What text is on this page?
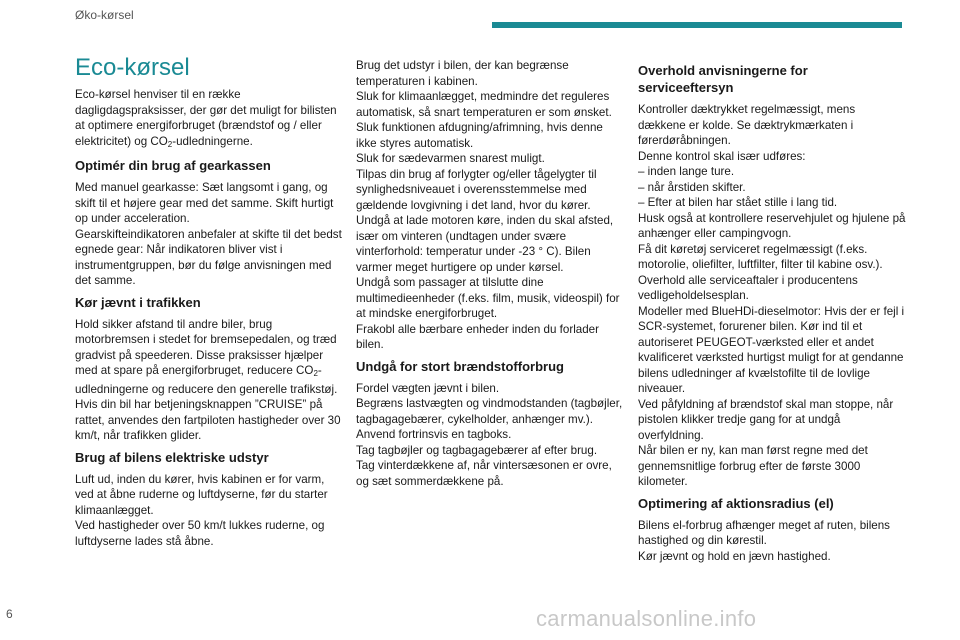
Øko-kørsel
Eco-kørsel

Eco-kørsel henviser til en række dagligdagspraksisser, der gør det muligt for bilisten at optimere energiforbruget (brændstof og / eller elektricitet) og $CO_2$-udledningerne.

Optimér din brug af gearkassen

Med manuel gearkasse: Sæt langsomt i gang, og skift til et højere gear med det samme. Skift hurtigt op under acceleration.
Gearskifteindikatoren anbefaler at skifte til det bedst egnede gear: Når indikatoren bliver vist i instrumentgruppen, bør du følge anvisningen med det samme.

Kør jævnt i trafikken

Hold sikker afstand til andre biler, brug motorbremsen i stedet for bremsepedalen, og træd gradvist på speederen. Disse praksisser hjælper med at spare på energiforbruget, reducere $CO_2$-udledningerne og reducere den generelle trafikstøj.
Hvis din bil har betjeningsknappen ”CRUISE” på rattet, anvendes den fartpiloten hastigheder over 30 km/t, når trafikken glider.

Brug af bilens elektriske udstyr

Luft ud, inden du kører, hvis kabinen er for varm, ved at åbne ruderne og luftdyserne, før du starter klimaanlægget.
Ved hastigheder over 50 km/t lukkes ruderne, og luftdyserne lades stå åbne.

Brug det udstyr i bilen, der kan begrænse temperaturen i kabinen.
Sluk for klimaanlægget, medmindre det reguleres automatisk, så snart temperaturen er som ønsket.
Sluk funktionen afdugning/afrimning, hvis denne ikke styres automatisk.
Sluk for sædevarmen snarest muligt.
Tilpas din brug af forlygter og/eller tågelygter til synlighedsniveauet i overensstemmelse med gældende lovgivning i det land, hvor du kører.
Undgå at lade motoren køre, inden du skal afsted, især om vinteren (undtagen under svære vinterforhold: temperatur under -23 ° C). Bilen varmer meget hurtigere op under kørsel.
Undgå som passager at tilslutte dine multimedieenheder (f.eks. film, musik, videospil) for at mindske energiforbruget.
Frakobl alle bærbare enheder inden du forlader bilen.

Undgå for stort brændstofforbrug

Fordel vægten jævnt i bilen.
Begræns lastvægten og vindmodstanden (tagbøjler, tagbagagebærer, cykelholder, anhænger mv.). Anvend fortrinsvis en tagboks.
Tag tagbøjler og tagbagagebærer af efter brug.
Tag vinterdækkene af, når vintersæsonen er ovre, og sæt sommerdækkene på.

Overhold anvisningerne for serviceeftersyn

Kontroller dæktrykket regelmæssigt, mens dækkene er kolde. Se dæktrykmærkaten i førerdøråbningen.
Denne kontrol skal især udføres:
– inden lange ture.
– når årstiden skifter.
– Efter at bilen har stået stille i lang tid.
Husk også at kontrollere reservehjulet og hjulene på anhænger eller campingvogn.
Få dit køretøj serviceret regelmæssigt (f.eks. motorolie, oliefilter, luftfilter, filter til kabine osv.).
Overhold alle serviceaftaler i producentens vedligeholdelsesplan.
Modeller med BlueHDi-dieselmotor: Hvis der er fejl i SCR-systemet, forurener bilen. Kør ind til et autoriseret PEUGEOT-værksted eller et andet kvalificeret værksted hurtigst muligt for at gendanne bilens udledninger af kvælstofilte til de lovlige niveauer.
Ved påfyldning af brændstof skal man stoppe, når pistolen klikker tredje gang for at undgå overfyldning.
Når bilen er ny, kan man først regne med det gennemsnitlige forbrug efter de første 3000 kilometer.

Optimering af aktionsradius (el)

Bilens el-forbrug afhænger meget af ruten, bilens hastighed og din kørestil.
Kør jævnt og hold en jævn hastighed.

6	carmanualsonline.info
